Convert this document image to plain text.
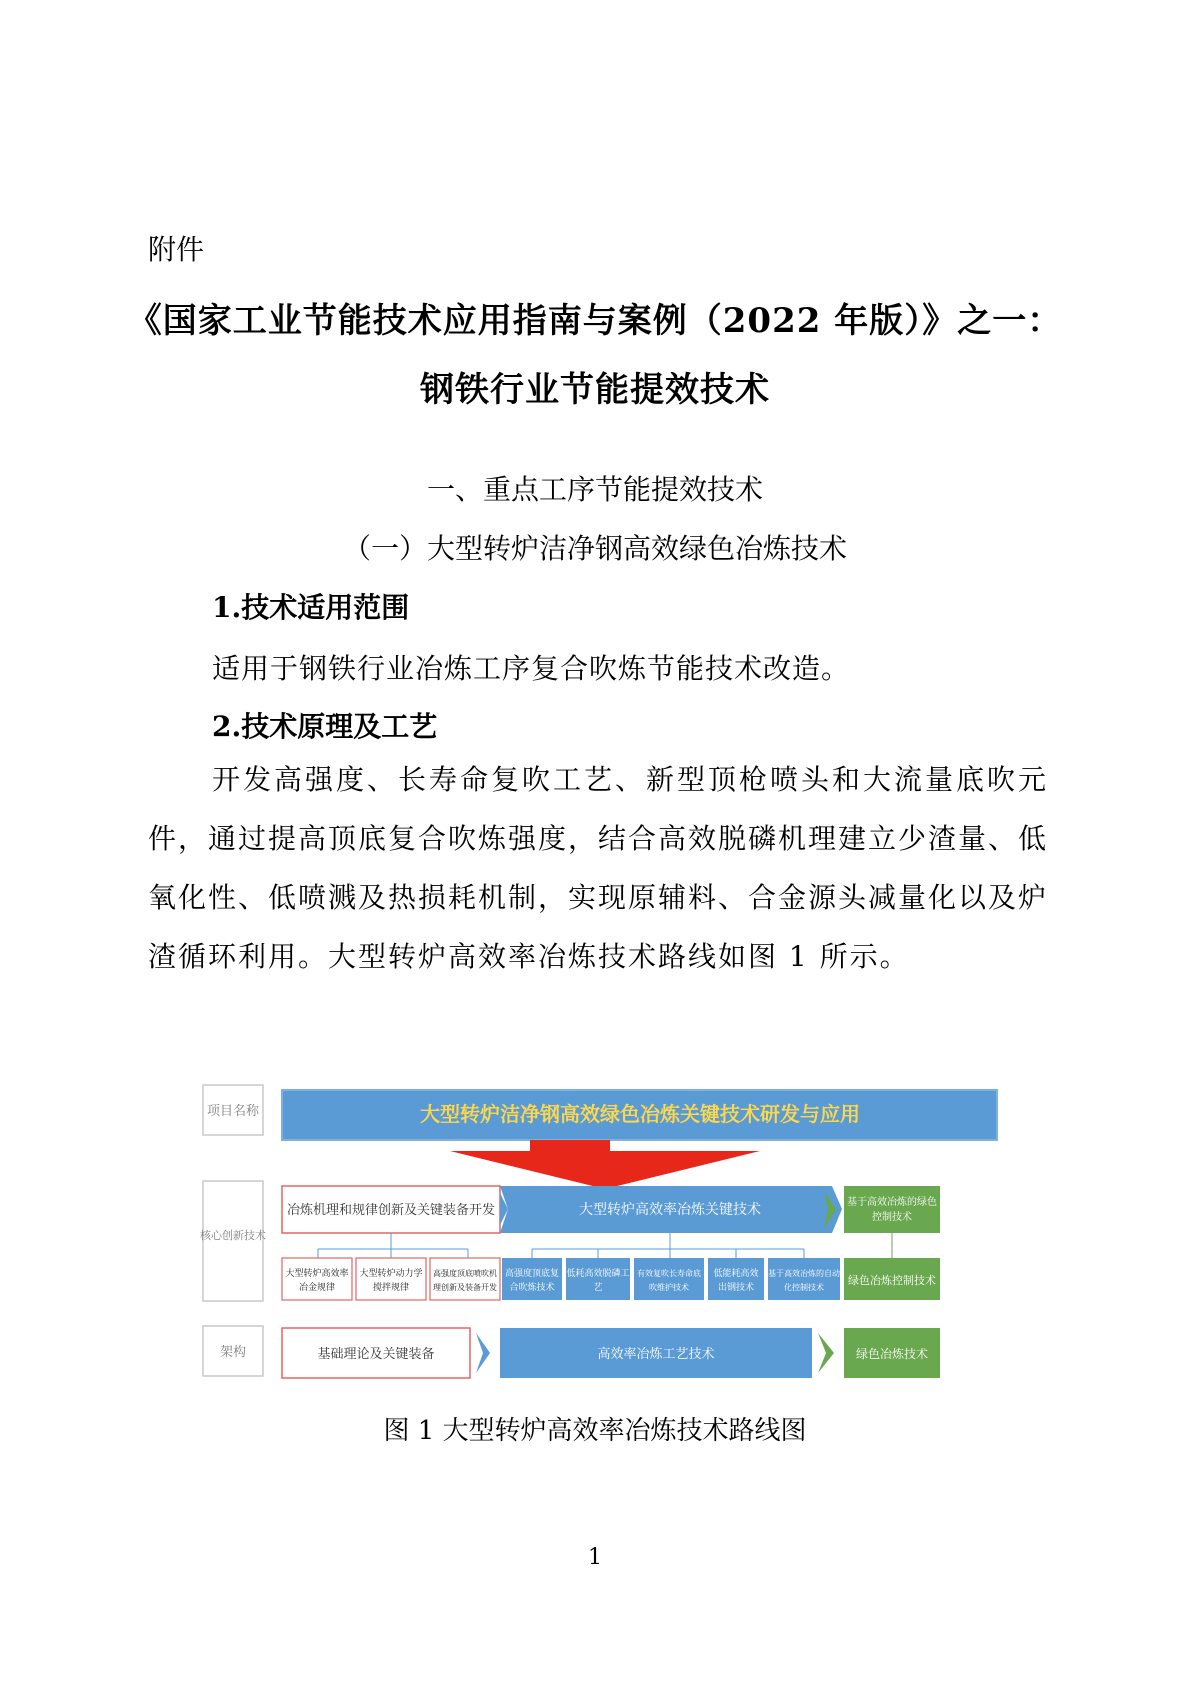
附件
《国家工业节能技术应用指南与案例（2022 年版）》之一：
钢铁行业节能提效技术
一、重点工序节能提效技术
（一）大型转炉洁净钢高效绿色冶炼技术
1.技术适用范围
适用于钢铁行业冶炼工序复合吹炼节能技术改造。
2.技术原理及工艺
开发高强度、长寿命复吹工艺、新型顶枪喷头和大流量底吹元件，通过提高顶底复合吹炼强度，结合高效脱磷机理建立少渣量、低氧化性、低喷溅及热损耗机制，实现原辅料、合金源头减量化以及炉渣循环利用。大型转炉高效率冶炼技术路线如图 1 所示。
项目名称
核心创新技术
架构
大型转炉洁净钢高效绿色冶炼关键技术研发与应用
冶炼机理和规律创新及关键装备开发	大型转炉高效率冶炼关键技术	基于高效冶炼的绿色
控制技术
大型转炉高效率
冶金规律
大型转炉动力学
搅拌规律
高强度顶底喷吹机
理创新及装备开发
高强度顶底复
合吹炼技术
低耗高效脱磷工
艺
有效复吹长寿命底
吹维护技术
低能耗高效
出钢技术
基于高效冶炼的自动
化控制技术
绿色冶炼控制技术
基础理论及关键装备	高效率冶炼工艺技术	绿色冶炼技术
图 1 大型转炉高效率冶炼技术路线图
1
